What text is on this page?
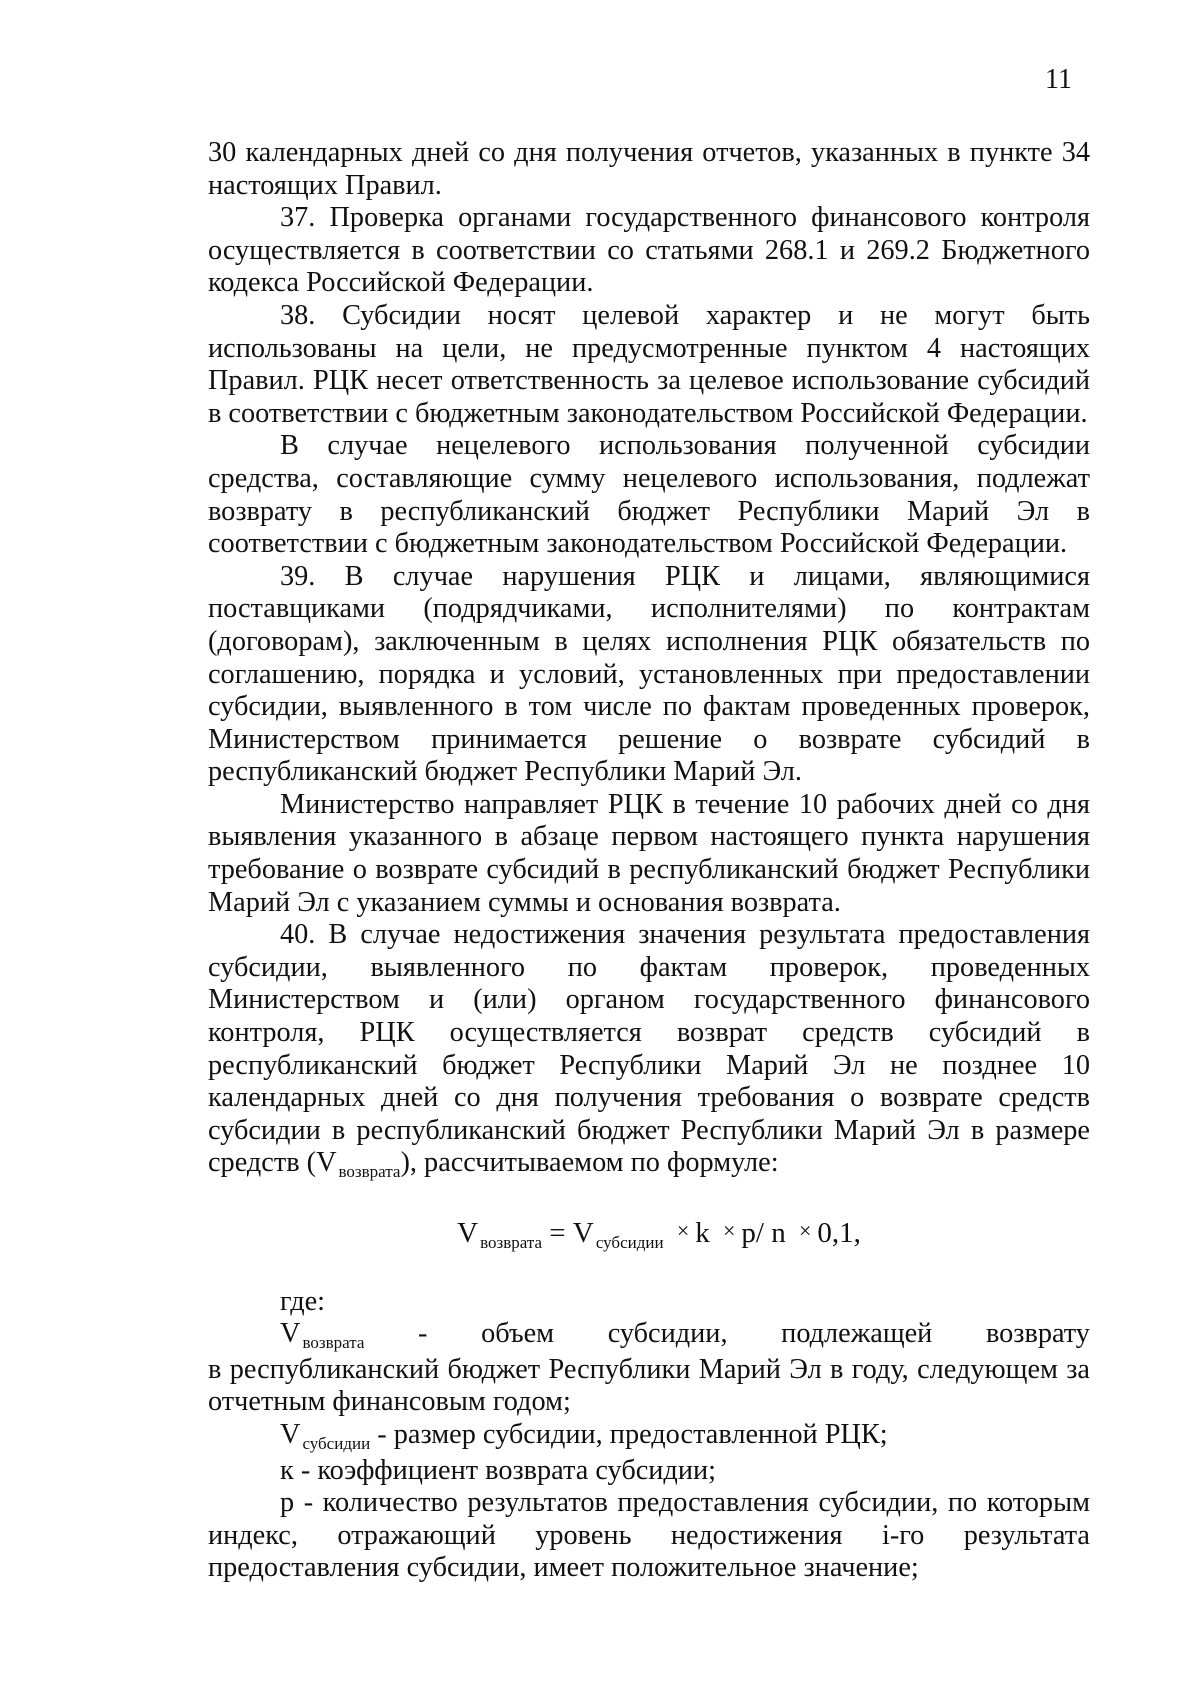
11

30 календарных дней со дня получения отчетов, указанных в пункте 34 настоящих Правил.

37. Проверка органами государственного финансового контроля осуществляется в соответствии со статьями 268.1 и 269.2 Бюджетного кодекса Российской Федерации.

38. Субсидии носят целевой характер и не могут быть использованы на цели, не предусмотренные пунктом 4 настоящих Правил. РЦК несет ответственность за целевое использование субсидий в соответствии с бюджетным законодательством Российской Федерации.

В случае нецелевого использования полученной субсидии средства, составляющие сумму нецелевого использования, подлежат возврату в республиканский бюджет Республики Марий Эл в соответствии с бюджетным законодательством Российской Федерации.

39. В случае нарушения РЦК и лицами, являющимися поставщиками (подрядчиками, исполнителями) по контрактам (договорам), заключенным в целях исполнения РЦК обязательств по соглашению, порядка и условий, установленных при предоставлении субсидии, выявленного в том числе по фактам проведенных проверок, Министерством принимается решение о возврате субсидий в республиканский бюджет Республики Марий Эл.

Министерство направляет РЦК в течение 10 рабочих дней со дня выявления указанного в абзаце первом настоящего пункта нарушения требование о возврате субсидий в республиканский бюджет Республики Марий Эл с указанием суммы и основания возврата.

40. В случае недостижения значения результата предоставления субсидии, выявленного по фактам проверок, проведенных Министерством и (или) органом государственного финансового контроля, РЦК осуществляется возврат средств субсидий в республиканский бюджет Республики Марий Эл не позднее 10 календарных дней со дня получения требования о возврате средств субсидии в республиканский бюджет Республики Марий Эл в размере средств (V $_{возврата}$), рассчитываемом по формуле:

V $_{возврата}$ = V $_{субсидии}$ × k × p/ n × 0,1,

где:

V $_{возврата}$ - объем субсидии, подлежащей возврату

в республиканский бюджет Республики Марий Эл в году, следующем за отчетным финансовым годом;

V $_{субсидии}$ - размер субсидии, предоставленной РЦК;

к - коэффициент возврата субсидии;

р - количество результатов предоставления субсидии, по которым индекс, отражающий уровень недостижения i-го результата предоставления субсидии, имеет положительное значение;
